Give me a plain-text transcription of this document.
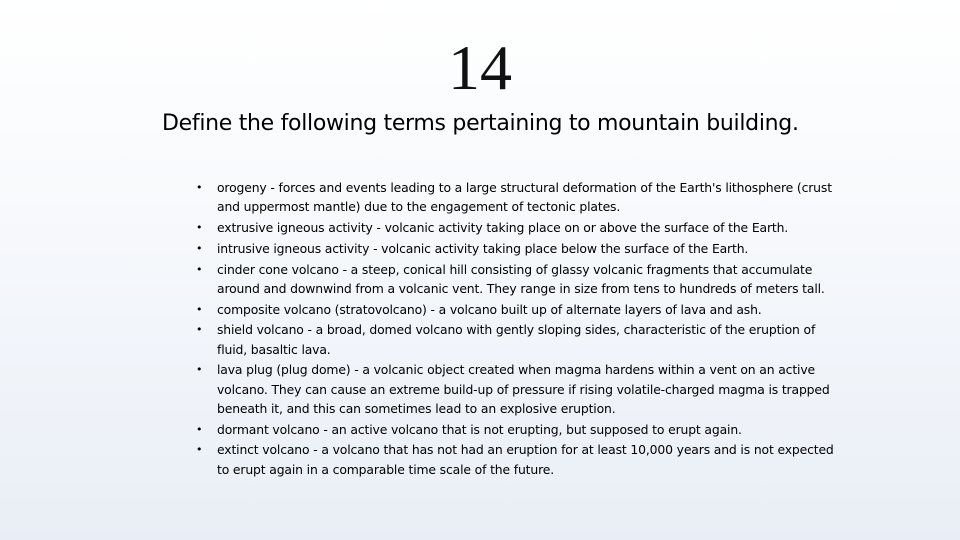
14
Define the following terms pertaining to mountain building.
• orogeny - forces and events leading to a large structural deformation of the Earth's lithosphere (crust and uppermost mantle) due to the engagement of tectonic plates.
• extrusive igneous activity - volcanic activity taking place on or above the surface of the Earth.
• intrusive igneous activity - volcanic activity taking place below the surface of the Earth.
• cinder cone volcano - a steep, conical hill consisting of glassy volcanic fragments that accumulate around and downwind from a volcanic vent. They range in size from tens to hundreds of meters tall.
• composite volcano (stratovolcano) - a volcano built up of alternate layers of lava and ash.
• shield volcano - a broad, domed volcano with gently sloping sides, characteristic of the eruption of fluid, basaltic lava.
• lava plug (plug dome) - a volcanic object created when magma hardens within a vent on an active volcano. They can cause an extreme build-up of pressure if rising volatile-charged magma is trapped beneath it, and this can sometimes lead to an explosive eruption.
• dormant volcano - an active volcano that is not erupting, but supposed to erupt again.
• extinct volcano - a volcano that has not had an eruption for at least 10,000 years and is not expected to erupt again in a comparable time scale of the future.
